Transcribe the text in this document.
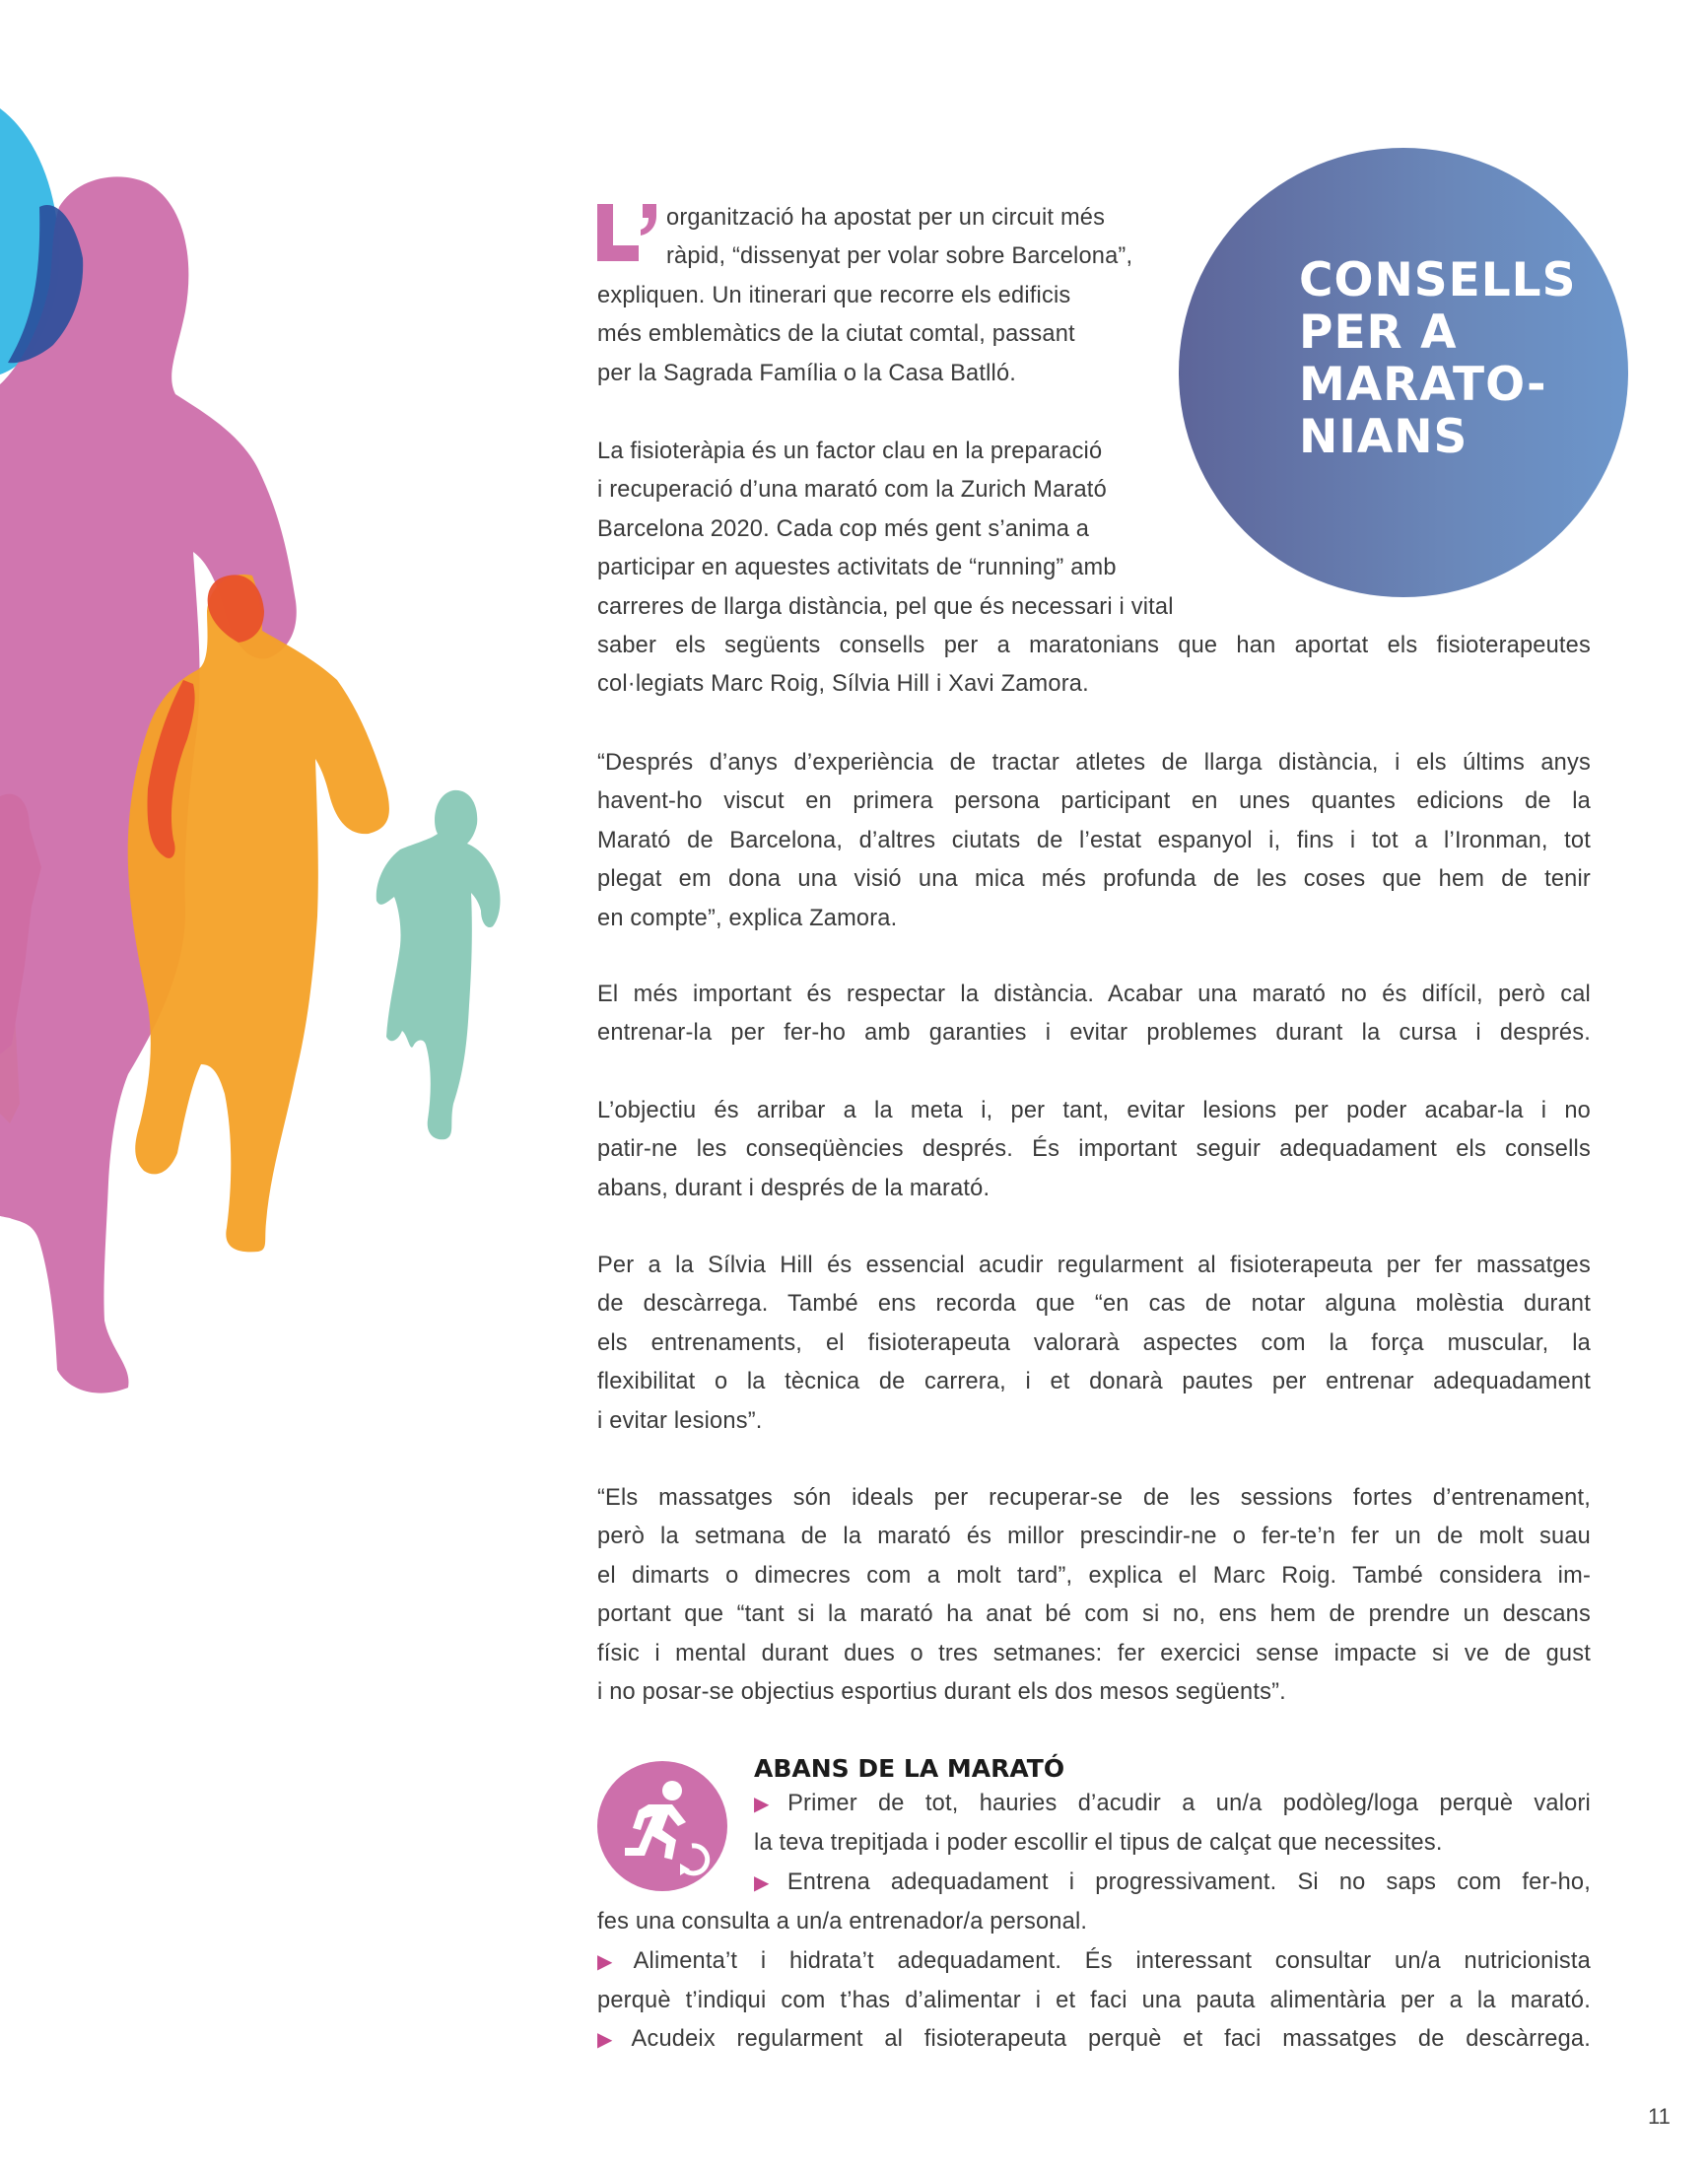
CONSELLS
PER A
MARATO-
NIANS
organització ha apostat per un circuit més
ràpid, “dissenyat per volar sobre Barcelona”,
expliquen. Un itinerari que recorre els edificis
més emblemàtics de la ciutat comtal, passant
per la Sagrada Família o la Casa Batlló.
La fisioteràpia és un factor clau en la preparació
i recuperació d’una marató com la Zurich Marató
Barcelona 2020. Cada cop més gent s’anima a
participar en aquestes activitats de “running” amb
carreres de llarga distància, pel que és necessari i vital
saber els següents consells per a maratonians que han aportat els fisioterapeutes
col·legiats Marc Roig, Sílvia Hill i Xavi Zamora.
“Després d’anys d’experiència de tractar atletes de llarga distància, i els últims anys
havent-ho viscut en primera persona participant en unes quantes edicions de la
Marató de Barcelona, d’altres ciutats de l’estat espanyol i, fins i tot a l’Ironman, tot
plegat em dona una visió una mica més profunda de les coses que hem de tenir
en compte”, explica Zamora.
El més important és respectar la distància. Acabar una marató no és difícil, però cal
entrenar-la per fer-ho amb garanties i evitar problemes durant la cursa i després.
L’objectiu és arribar a la meta i, per tant, evitar lesions per poder acabar-la i no
patir-ne les conseqüències després. És important seguir adequadament els consells
abans, durant i després de la marató.
Per a la Sílvia Hill és essencial acudir regularment al fisioterapeuta per fer massatges
de descàrrega. També ens recorda que “en cas de notar alguna molèstia durant
els entrenaments, el fisioterapeuta valorarà aspectes com la força muscular, la
flexibilitat o la tècnica de carrera, i et donarà pautes per entrenar adequadament
i evitar lesions”.
“Els massatges són ideals per recuperar-se de les sessions fortes d’entrenament,
però la setmana de la marató és millor prescindir-ne o fer-te’n fer un de molt suau
el dimarts o dimecres com a molt tard”, explica el Marc Roig. També considera im-
portant que “tant si la marató ha anat bé com si no, ens hem de prendre un descans
físic i mental durant dues o tres setmanes: fer exercici sense impacte si ve de gust
i no posar-se objectius esportius durant els dos mesos següents”.
ABANS DE LA MARATÓ
▶ Primer de tot, hauries d’acudir a un/a podòleg/loga perquè valori
la teva trepitjada i poder escollir el tipus de calçat que necessites.
▶ Entrena adequadament i progressivament. Si no saps com fer-ho,
fes una consulta a un/a entrenador/a personal.
▶ Alimenta’t i hidrata’t adequadament. És interessant consultar un/a nutricionista
perquè t’indiqui com t’has d’alimentar i et faci una pauta alimentària per a la marató.
▶ Acudeix regularment al fisioterapeuta perquè et faci massatges de descàrrega.
11
